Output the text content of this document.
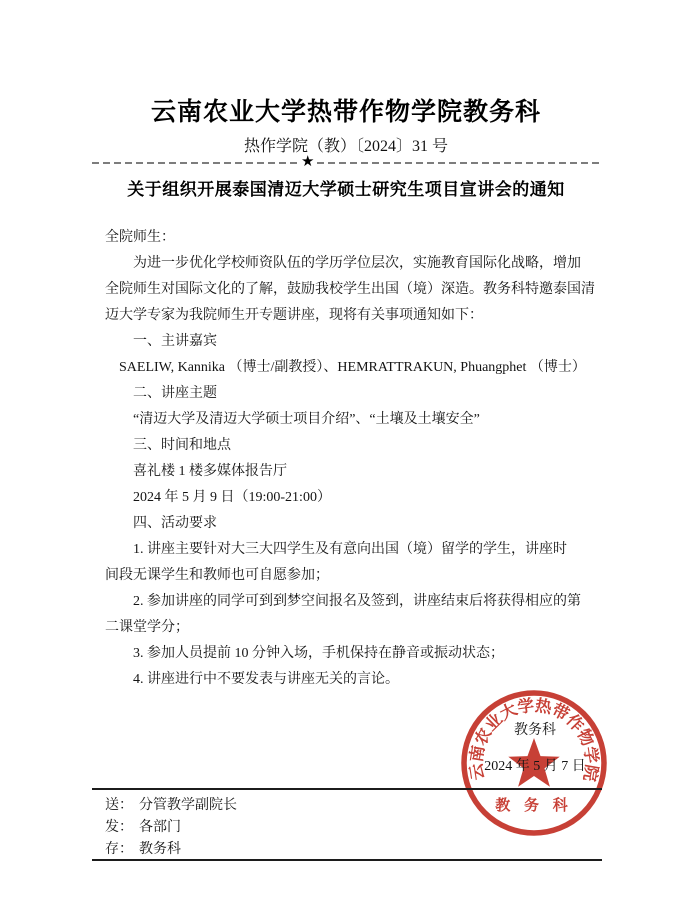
云南农业大学热带作物学院教务科
热作学院（教）〔2024〕31 号
★
关于组织开展泰国清迈大学硕士研究生项目宣讲会的通知
全院师生：
　　为进一步优化学校师资队伍的学历学位层次，实施教育国际化战略，增加
全院师生对国际文化的了解，鼓励我校学生出国（境）深造。教务科特邀泰国清
迈大学专家为我院师生开专题讲座，现将有关事项通知如下：
　　一、主讲嘉宾
　SAELIW, Kannika （博士/副教授）、HEMRATTRAKUN, Phuangphet （博士）
　　二、讲座主题
　　“清迈大学及清迈大学硕士项目介绍”、“土壤及土壤安全”
　　三、时间和地点
　　喜礼楼 1 楼多媒体报告厅
　　2024 年 5 月 9 日（19:00-21:00）
　　四、活动要求
　　1. 讲座主要针对大三大四学生及有意向出国（境）留学的学生，讲座时
间段无课学生和教师也可自愿参加；
　　2. 参加讲座的同学可到到梦空间报名及签到，讲座结束后将获得相应的第
二课堂学分；
　　3. 参加人员提前 10 分钟入场，手机保持在静音或振动状态；
　　4. 讲座进行中不要发表与讲座无关的言论。
云南农业大学热带作物学院
教 务 科
教务科
2024 年 5 月 7 日
送： 分管教学副院长
发： 各部门
存： 教务科
